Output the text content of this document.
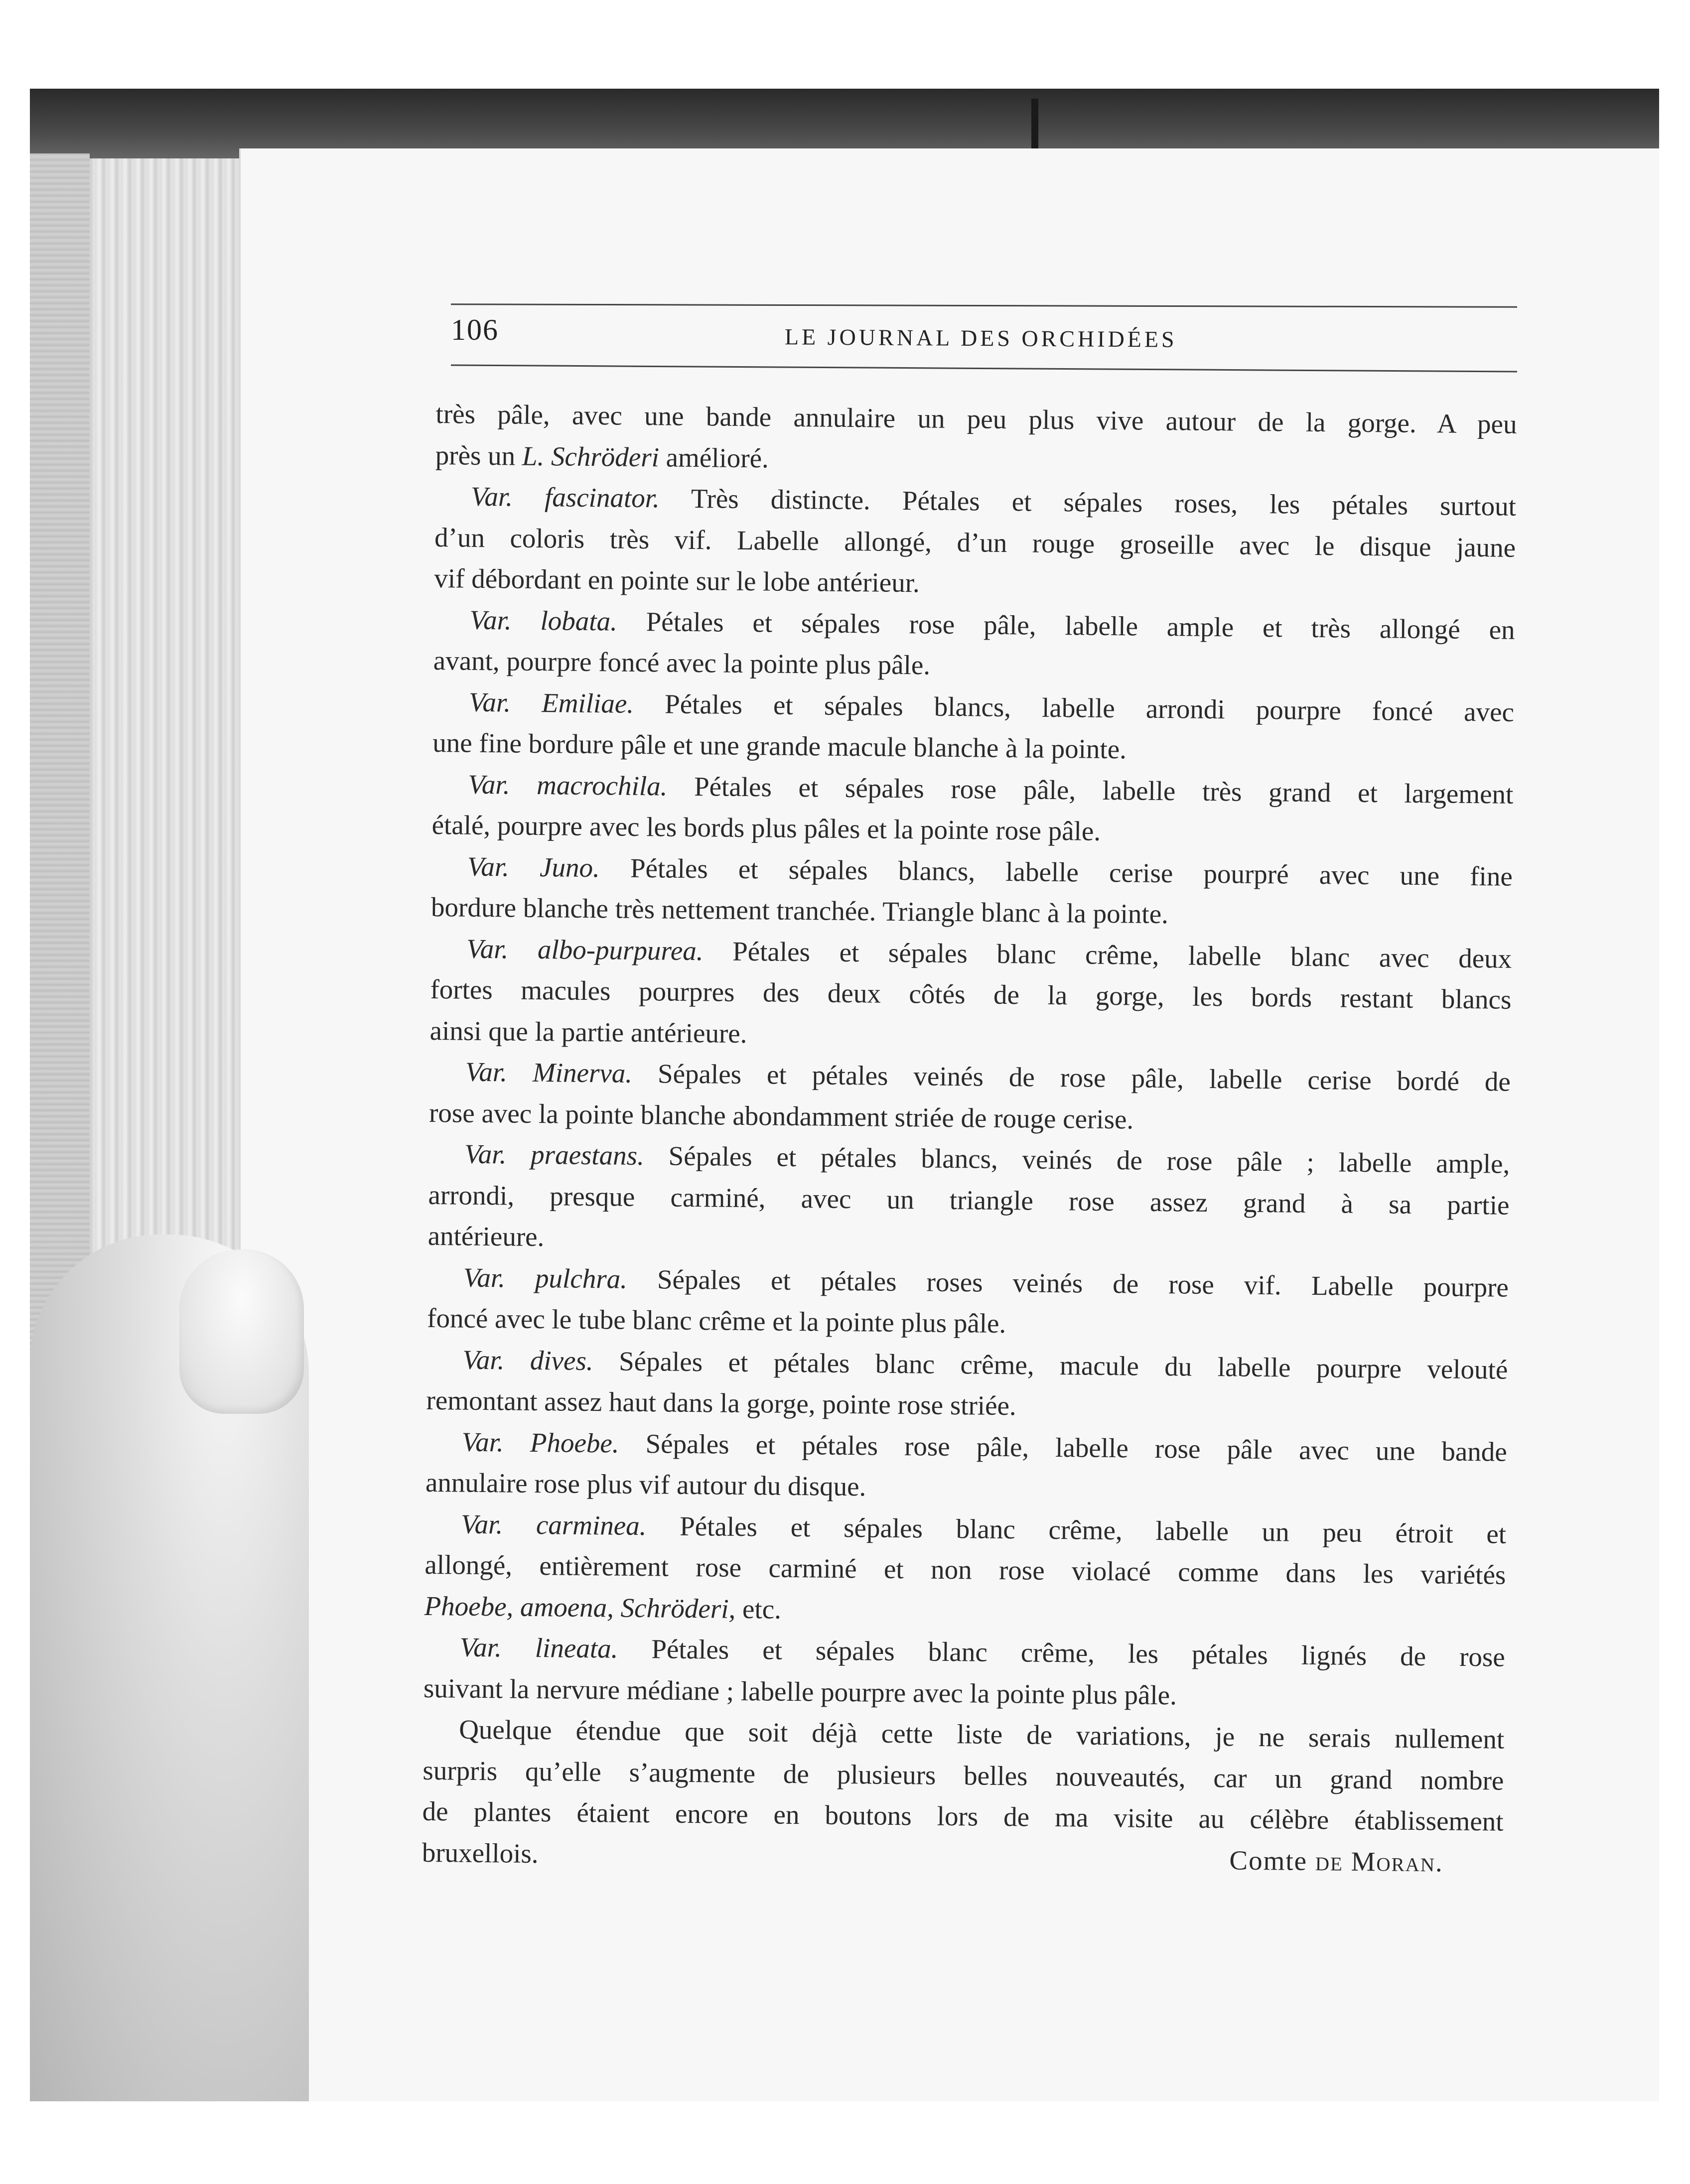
106	LE JOURNAL DES ORCHIDÉES
très pâle, avec une bande annulaire un peu plus vive autour de la gorge. A peu
près un L. Schröderi amélioré.
Var. fascinator. Très distincte. Pétales et sépales roses, les pétales surtout
d’un coloris très vif. Labelle allongé, d’un rouge groseille avec le disque jaune
vif débordant en pointe sur le lobe antérieur.
Var. lobata. Pétales et sépales rose pâle, labelle ample et très allongé en
avant, pourpre foncé avec la pointe plus pâle.
Var. Emiliae. Pétales et sépales blancs, labelle arrondi pourpre foncé avec
une fine bordure pâle et une grande macule blanche à la pointe.
Var. macrochila. Pétales et sépales rose pâle, labelle très grand et largement
étalé, pourpre avec les bords plus pâles et la pointe rose pâle.
Var. Juno. Pétales et sépales blancs, labelle cerise pourpré avec une fine
bordure blanche très nettement tranchée. Triangle blanc à la pointe.
Var. albo-purpurea. Pétales et sépales blanc crême, labelle blanc avec deux
fortes macules pourpres des deux côtés de la gorge, les bords restant blancs
ainsi que la partie antérieure.
Var. Minerva. Sépales et pétales veinés de rose pâle, labelle cerise bordé de
rose avec la pointe blanche abondamment striée de rouge cerise.
Var. praestans. Sépales et pétales blancs, veinés de rose pâle ; labelle ample,
arrondi, presque carminé, avec un triangle rose assez grand à sa partie
antérieure.
Var. pulchra. Sépales et pétales roses veinés de rose vif. Labelle pourpre
foncé avec le tube blanc crême et la pointe plus pâle.
Var. dives. Sépales et pétales blanc crême, macule du labelle pourpre velouté
remontant assez haut dans la gorge, pointe rose striée.
Var. Phoebe. Sépales et pétales rose pâle, labelle rose pâle avec une bande
annulaire rose plus vif autour du disque.
Var. carminea. Pétales et sépales blanc crême, labelle un peu étroit et
allongé, entièrement rose carminé et non rose violacé comme dans les variétés
Phoebe, amoena, Schröderi, etc.
Var. lineata. Pétales et sépales blanc crême, les pétales lignés de rose
suivant la nervure médiane ; labelle pourpre avec la pointe plus pâle.
Quelque étendue que soit déjà cette liste de variations, je ne serais nullement
surpris qu’elle s’augmente de plusieurs belles nouveautés, car un grand nombre
de plantes étaient encore en boutons lors de ma visite au célèbre établissement
bruxellois.	Comte de Moran.
